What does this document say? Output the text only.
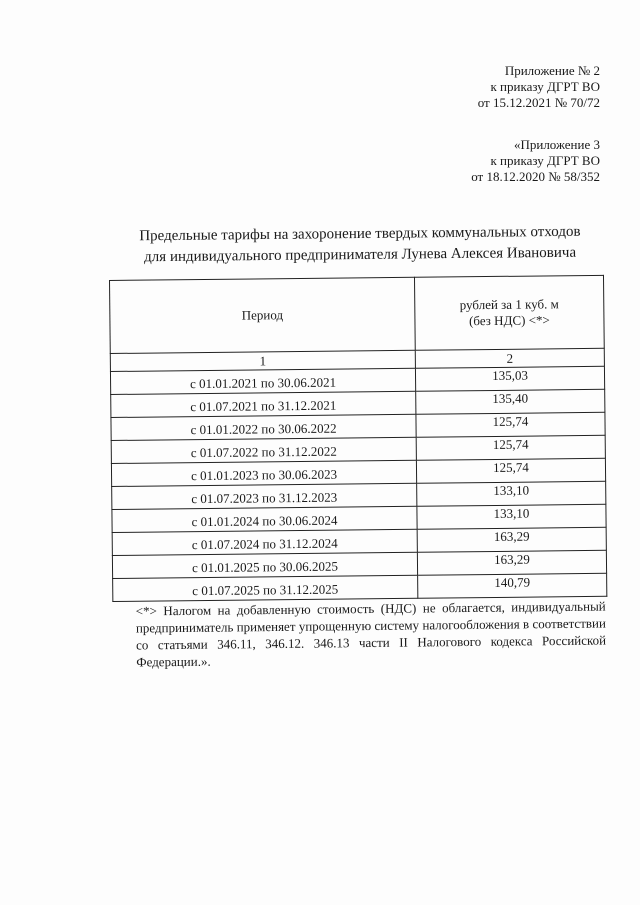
Приложение № 2
к приказу ДГРТ ВО
от 15.12.2021 № 70/72
«Приложение 3
к приказу ДГРТ ВО
от 18.12.2020 № 58/352
Предельные тарифы на захоронение твердых коммунальных отходов
для индивидуального предпринимателя Лунева Алексея Ивановича
Период	рублей за 1 куб. м
(без НДС) <*>

1	2
с 01.01.2021 по 30.06.2021	135,03
с 01.07.2021 по 31.12.2021	135,40
с 01.01.2022 по 30.06.2022	125,74
с 01.07.2022 по 31.12.2022	125,74
с 01.01.2023 по 30.06.2023	125,74
с 01.07.2023 по 31.12.2023	133,10
с 01.01.2024 по 30.06.2024	133,10
с 01.07.2024 по 31.12.2024	163,29
с 01.01.2025 по 30.06.2025	163,29
с 01.07.2025 по 31.12.2025	140,79
<*> Налогом на добавленную стоимость (НДС) не облагается, индивидуальный предприниматель применяет упрощенную систему налогообложения в соответствии со статьями 346.11, 346.12. 346.13 части II Налогового кодекса Российской Федерации.».
